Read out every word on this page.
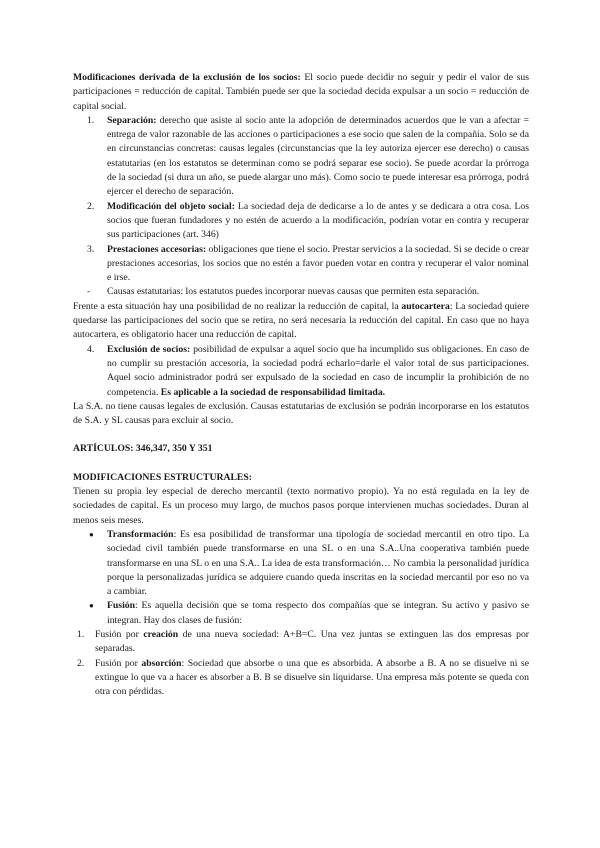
Modificaciones derivada de la exclusión de los socios: El socio puede decidir no seguir y pedir el valor de sus participaciones = reducción de capital. También puede ser que la sociedad decida expulsar a un socio = reducción de capital social.

1. Separación: derecho que asiste al socio ante la adopción de determinados acuerdos que le van a afectar = entrega de valor razonable de las acciones o participaciones a ese socio que salen de la compañía. Solo se da en circunstancias concretas: causas legales (circunstancias que la ley autoriza ejercer ese derecho) o causas estatutarias (en los estatutos se determinan como se podrá separar ese socio). Se puede acordar la prórroga de la sociedad (si dura un año, se puede alargar uno más). Como socio te puede interesar esa prórroga, podrá ejercer el derecho de separación.
2. Modificación del objeto social: La sociedad deja de dedicarse a lo de antes y se dedicara a otra cosa. Los socios que fueran fundadores y no estén de acuerdo a la modificación, podrían votar en contra y recuperar sus participaciones (art. 346)
3. Prestaciones accesorias: obligaciones que tiene el socio. Prestar servicios a la sociedad. Si se decide o crear prestaciones accesorias, los socios que no estén a favor pueden votar en contra y recuperar el valor nominal e irse.
- Causas estatutarias: los estatutos puedes incorporar nuevas causas que permiten esta separación.

Frente a esta situación hay una posibilidad de no realizar la reducción de capital, la autocartera: La sociedad quiere quedarse las participaciones del socio que se retira, no será necesaria la reducción del capital. En caso que no haya autocartera, es obligatorio hacer una reducción de capital.

4. Exclusión de socios: posibilidad de expulsar a aquel socio que ha incumplido sus obligaciones. En caso de no cumplir su prestación accesoria, la sociedad podrá echarlo=darle el valor total de sus participaciones. Aquel socio administrador podrá ser expulsado de la sociedad en caso de incumplir la prohibición de no competencia. Es aplicable a la sociedad de responsabilidad limitada.

La S.A. no tiene causas legales de exclusión. Causas estatutarias de exclusión se podrán incorporarse en los estatutos de S.A. y SL causas para excluir al socio.

ARTÍCULOS: 346,347, 350 Y 351

MODIFICACIONES ESTRUCTURALES:

Tienen su propia ley especial de derecho mercantil (texto normativo propio). Ya no está regulada en la ley de sociedades de capital. Es un proceso muy largo, de muchos pasos porque intervienen muchas sociedades. Duran al menos seis meses.

● Transformación: Es esa posibilidad de transformar una tipología de sociedad mercantil en otro tipo. La sociedad civil también puede transformarse en una SL o en una S.A..Una cooperativa también puede transformarse en una SL o en una S.A.. La idea de esta transformación… No cambia la personalidad jurídica porque la personalizadas jurídica se adquiere cuando queda inscritas en la sociedad mercantil por eso no va a cambiar.
● Fusión: Es aquella decisión que se toma respecto dos compañías que se integran. Su activo y pasivo se integran. Hay dos clases de fusión:
1. Fusión por creación de una nueva sociedad: A+B=C. Una vez juntas se extinguen las dos empresas por separadas.
2. Fusión por absorción: Sociedad que absorbe o una que es absorbida. A absorbe a B. A no se disuelve ni se extingue lo que va a hacer es absorber a B. B se disuelve sin liquidarse. Una empresa más potente se queda con otra con pérdidas.
